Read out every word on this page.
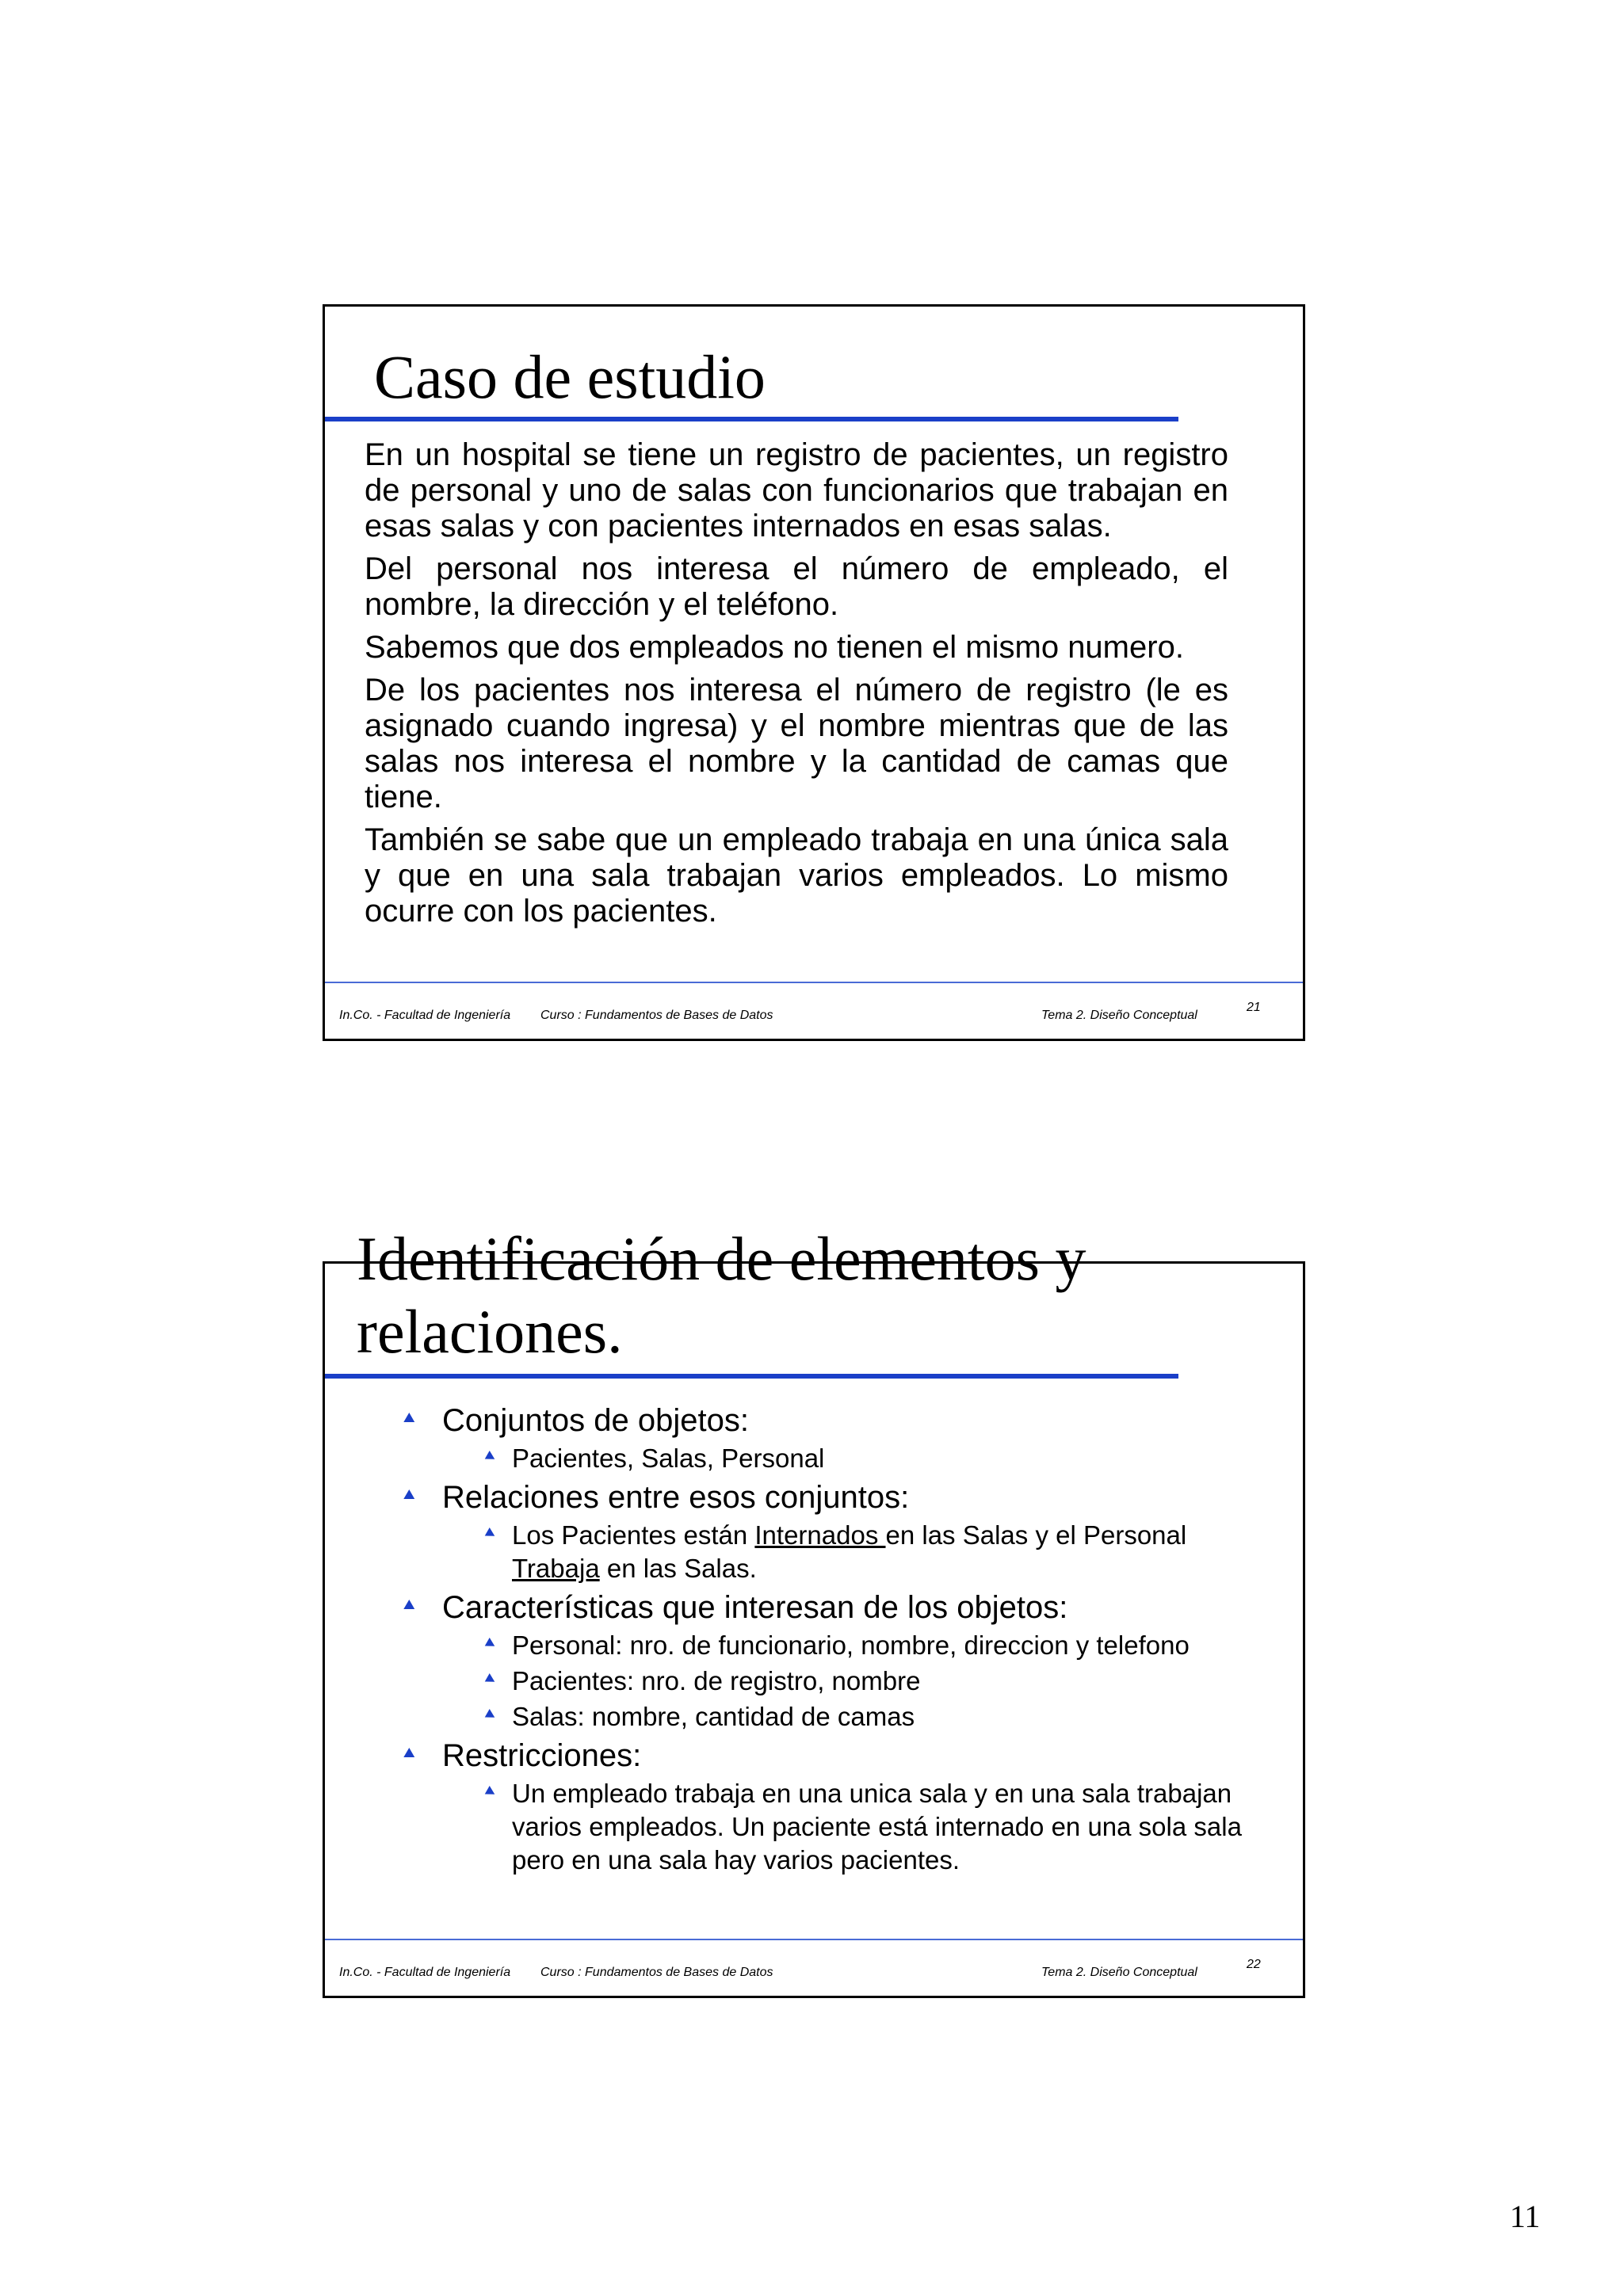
Caso de estudio

En un hospital se tiene un registro de pacientes, un registro de personal y uno de salas con funcionarios que trabajan en esas salas y con pacientes internados en esas salas.

Del personal nos interesa el número de empleado, el nombre, la dirección y el teléfono.

Sabemos que dos empleados no tienen el mismo numero.

De los pacientes nos interesa el número de registro (le es asignado cuando ingresa) y el nombre mientras que de las salas nos interesa el nombre y la cantidad de camas que tiene.

También se sabe que un empleado trabaja en una única sala y que en una sala trabajan varios empleados. Lo mismo ocurre con los pacientes.

In.Co. - Facultad de Ingeniería Curso : Fundamentos de Bases de Datos	Tema 2. Diseño Conceptual
21
Identificación de elementos y
relaciones.
Conjuntos de objetos:
Pacientes, Salas, Personal
Relaciones entre esos conjuntos:
Los Pacientes están Internados en las Salas y el Personal Trabaja en las Salas.
Características que interesan de los objetos:
Personal: nro. de funcionario, nombre, direccion y telefono
Pacientes: nro. de registro, nombre
Salas: nombre, cantidad de camas
Restricciones:
Un empleado trabaja en una unica sala y en una sala trabajan varios empleados. Un paciente está internado en una sola sala pero en una sala hay varios pacientes.
In.Co. - Facultad de Ingeniería Curso : Fundamentos de Bases de Datos	Tema 2. Diseño Conceptual
22
11
